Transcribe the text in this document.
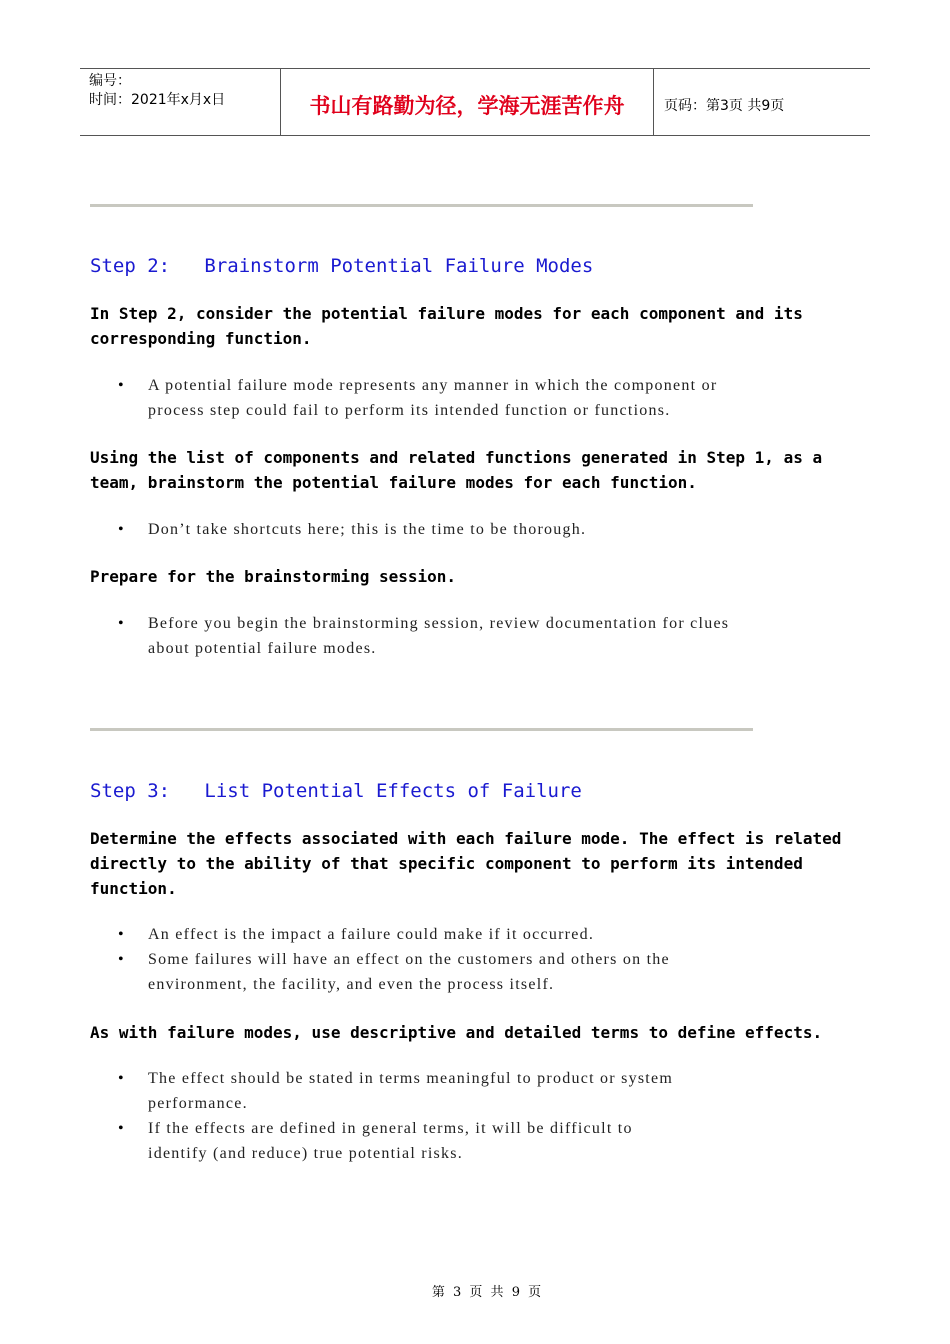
编号：
时间：2021年x月x日	书山有路勤为径，学海无涯苦作舟	页码：第3页 共9页
Step 2:   Brainstorm Potential Failure Modes
In Step 2, consider the potential failure modes for each component and its
corresponding function.
• A potential failure mode represents any manner in which the component or
process step could fail to perform its intended function or functions.
Using the list of components and related functions generated in Step 1, as a
team, brainstorm the potential failure modes for each function.
• Don’t take shortcuts here; this is the time to be thorough.
Prepare for the brainstorming session.
• Before you begin the brainstorming session, review documentation for clues
about potential failure modes.
Step 3:   List Potential Effects of Failure
Determine the effects associated with each failure mode. The effect is related
directly to the ability of that specific component to perform its intended
function.
• An effect is the impact a failure could make if it occurred.
• Some failures will have an effect on the customers and others on the
environment, the facility, and even the process itself.
As with failure modes, use descriptive and detailed terms to define effects.
• The effect should be stated in terms meaningful to product or system
performance.
• If the effects are defined in general terms, it will be difficult to
identify (and reduce) true potential risks.
第 3 页 共 9 页
